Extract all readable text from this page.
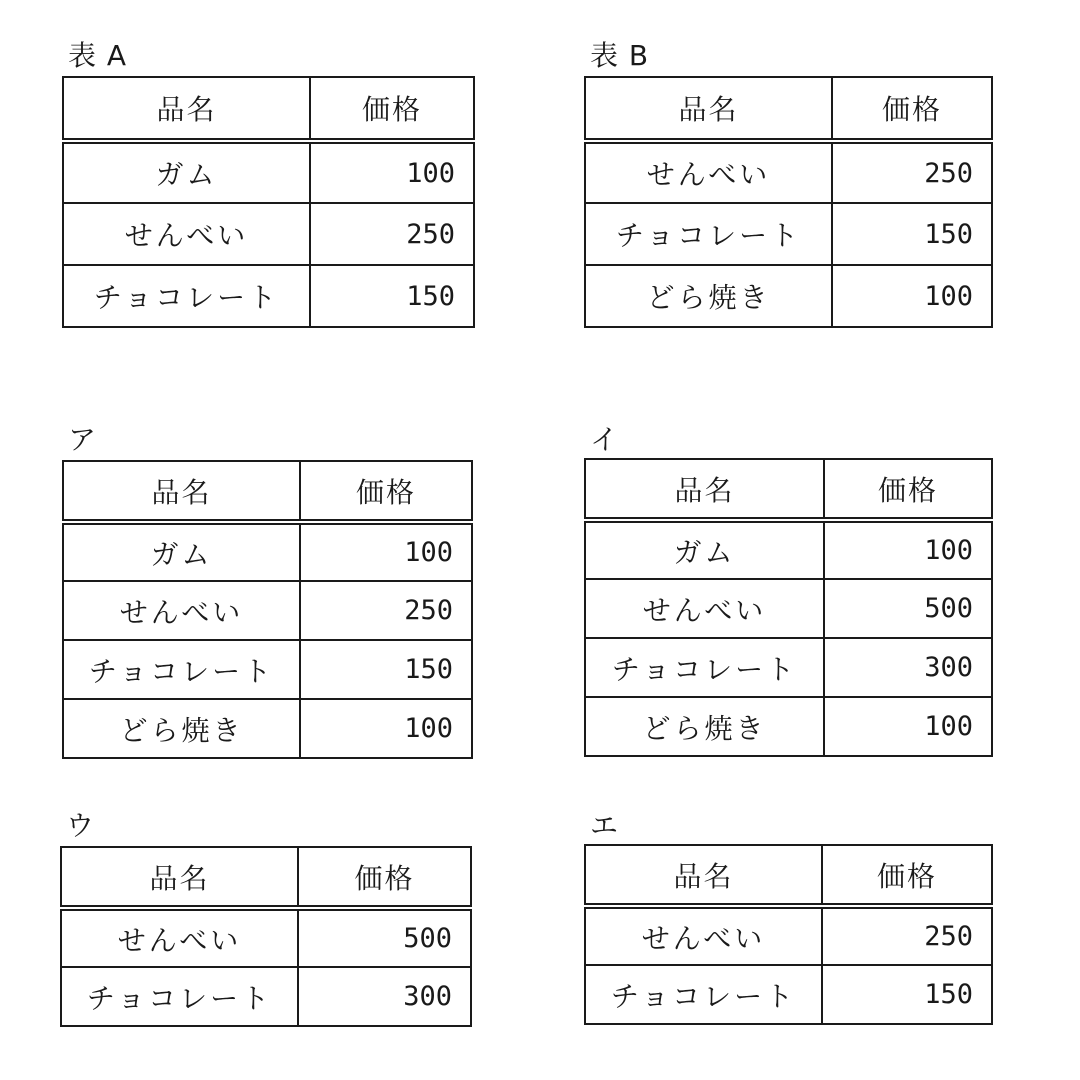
表 A
品名	価格
ガム	100
せんべい	250
チョコレート	150
表 B
品名	価格
せんべい	250
チョコレート	150
どら焼き	100
ア
品名	価格
ガム	100
せんべい	250
チョコレート	150
どら焼き	100
イ
品名	価格
ガム	100
せんべい	500
チョコレート	300
どら焼き	100
ウ
品名	価格
せんべい	500
チョコレート	300
エ
品名	価格
せんべい	250
チョコレート	150
